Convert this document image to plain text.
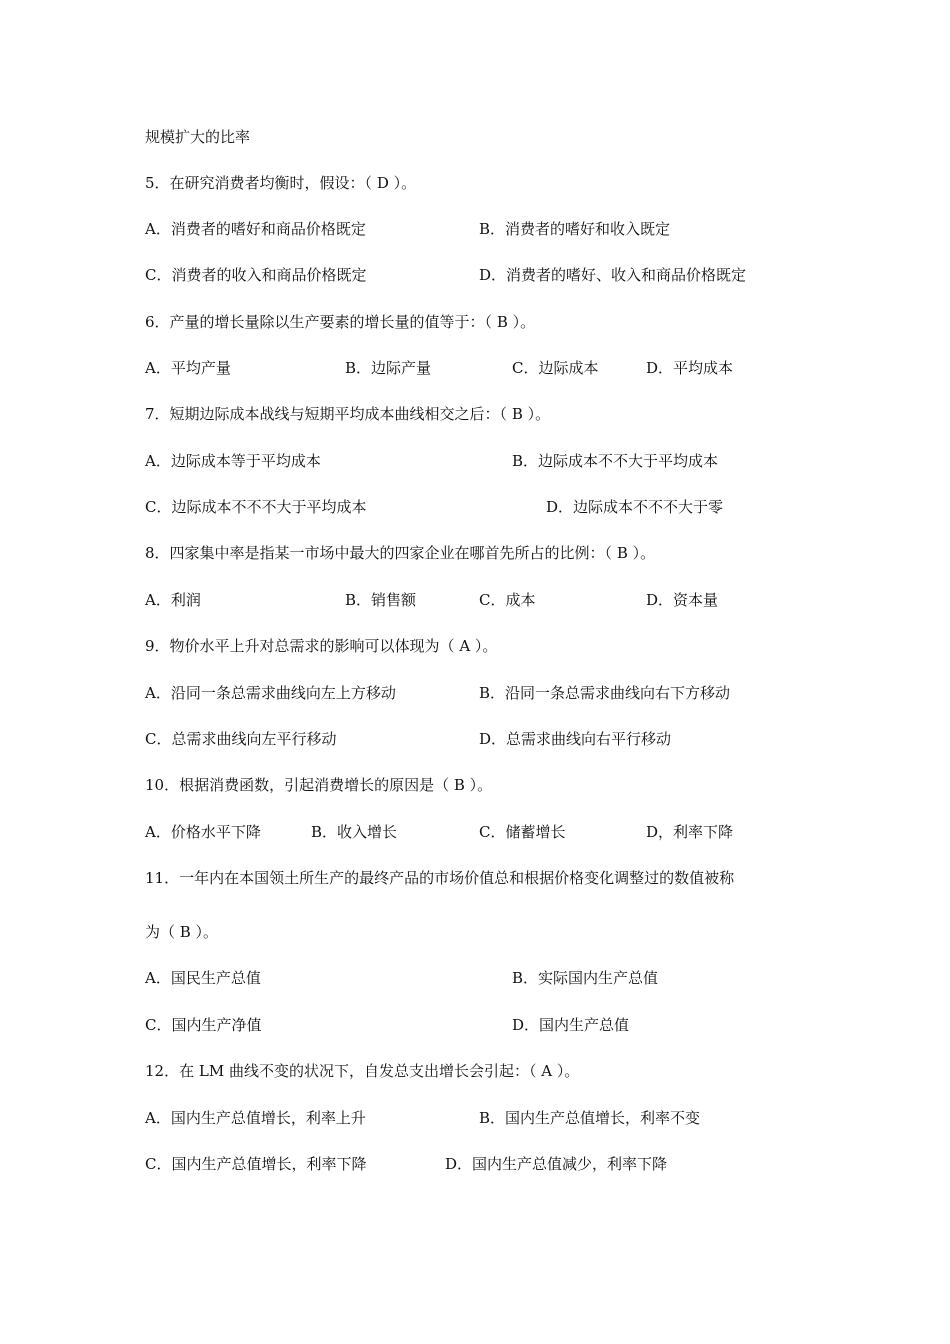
规模扩大的比率
5．在研究消费者均衡时，假设：（ D ）。
A．消费者的嗜好和商品价格既定	B．消费者的嗜好和收入既定
C．消费者的收入和商品价格既定	D．消费者的嗜好、收入和商品价格既定
6．产量的增长量除以生产要素的增长量的值等于：（ B ）。
A．平均产量	B．边际产量	C．边际成本	D．平均成本
7．短期边际成本战线与短期平均成本曲线相交之后：（ B ）。
A．边际成本等于平均成本	B．边际成本不不大于平均成本
C．边际成本不不不大于平均成本	D．边际成本不不不大于零
8．四家集中率是指某一市场中最大的四家企业在哪首先所占的比例：（ B ）。
A．利润	B．销售额	C．成本	D．资本量
9．物价水平上升对总需求的影响可以体现为（ A ）。
A．沿同一条总需求曲线向左上方移动	B．沿同一条总需求曲线向右下方移动
C．总需求曲线向左平行移动	D．总需求曲线向右平行移动
10．根据消费函数，引起消费增长的原因是（ B ）。
A．价格水平下降	B．收入增长	C．储蓄增长	D，利率下降
11．一年内在本国领土所生产的最终产品的市场价值总和根据价格变化调整过的数值被称
为（ B ）。
A．国民生产总值	B．实际国内生产总值
C．国内生产净值	D．国内生产总值
12．在 LM 曲线不变的状况下，自发总支出增长会引起：（ A ）。
A．国内生产总值增长，利率上升	B．国内生产总值增长，利率不变
C．国内生产总值增长，利率下降	D．国内生产总值减少，利率下降
